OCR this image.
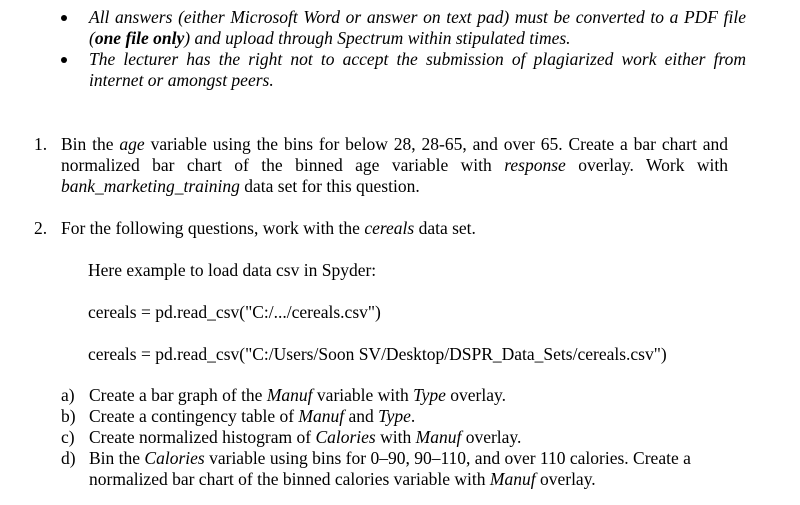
All answers (either Microsoft Word or answer on text pad) must be converted to a PDF file (one file only) and upload through Spectrum within stipulated times.
The lecturer has the right not to accept the submission of plagiarized work either from internet or amongst peers.
1. Bin the age variable using the bins for below 28, 28-65, and over 65. Create a bar chart and normalized bar chart of the binned age variable with response overlay. Work with bank_marketing_training data set for this question.
2. For the following questions, work with the cereals data set.
Here example to load data csv in Spyder:
cereals = pd.read_csv("C:/.../cereals.csv")
cereals = pd.read_csv("C:/Users/Soon SV/Desktop/DSPR_Data_Sets/cereals.csv")
a) Create a bar graph of the Manuf variable with Type overlay.
b) Create a contingency table of Manuf and Type.
c) Create normalized histogram of Calories with Manuf overlay.
d) Bin the Calories variable using bins for 0–90, 90–110, and over 110 calories. Create a normalized bar chart of the binned calories variable with Manuf overlay.
